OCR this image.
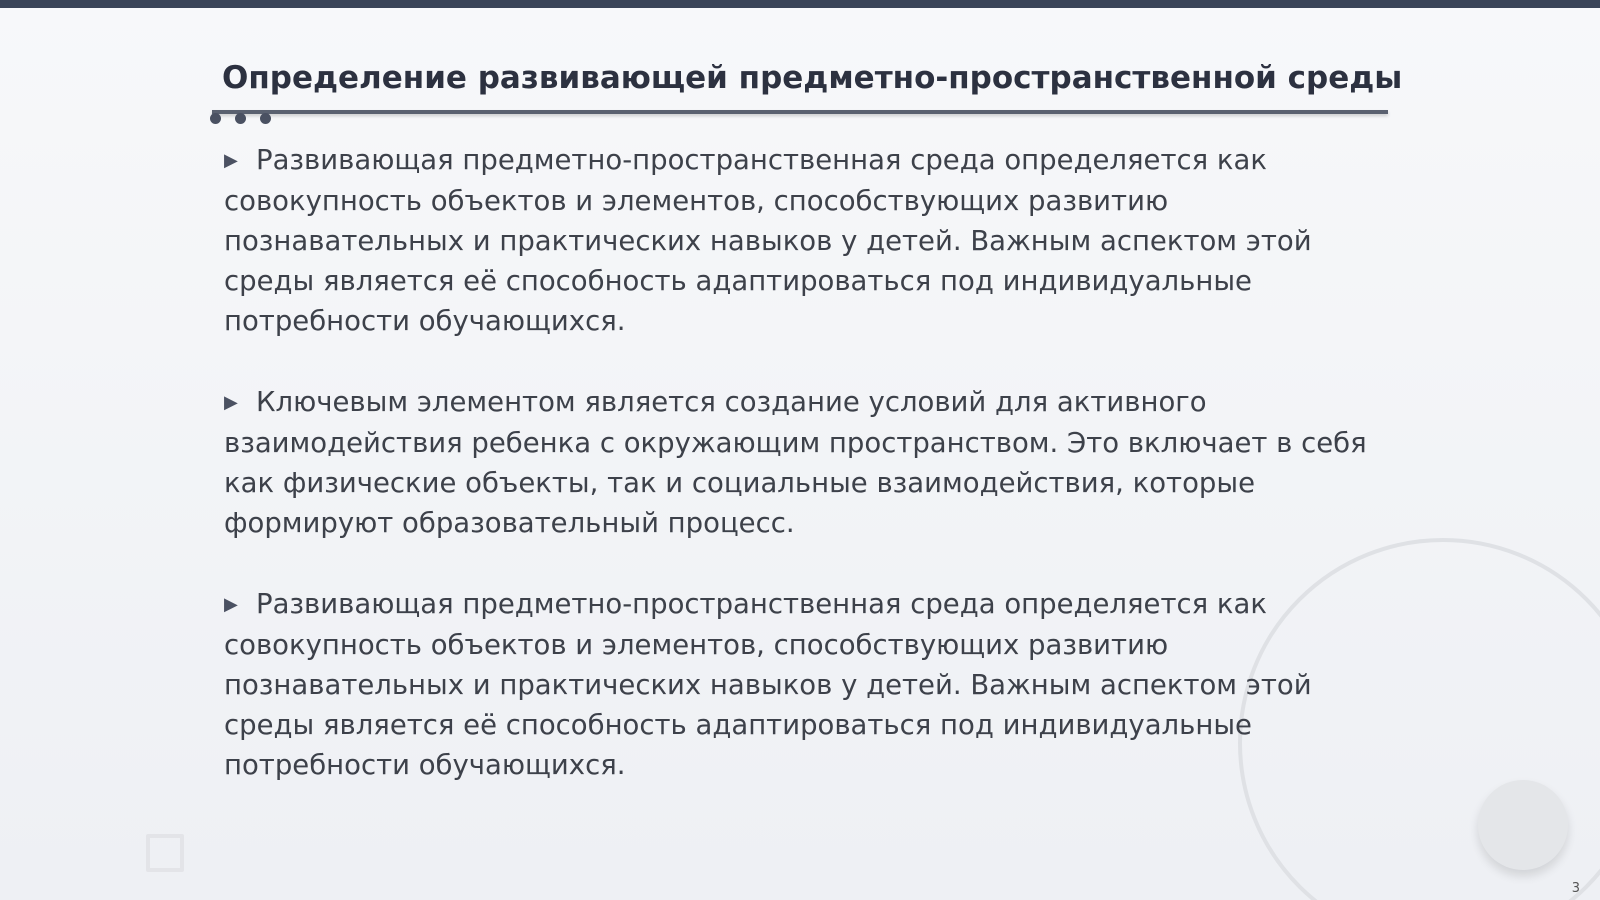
Определение развивающей предметно-пространственной среды

▶ Развивающая предметно-пространственная среда определяется как совокупность объектов и элементов, способствующих развитию познавательных и практических навыков у детей. Важным аспектом этой среды является её способность адаптироваться под индивидуальные потребности обучающихся.

▶ Ключевым элементом является создание условий для активного взаимодействия ребенка с окружающим пространством. Это включает в себя как физические объекты, так и социальные взаимодействия, которые формируют образовательный процесс.

▶ Развивающая предметно-пространственная среда определяется как совокупность объектов и элементов, способствующих развитию познавательных и практических навыков у детей. Важным аспектом этой среды является её способность адаптироваться под индивидуальные потребности обучающихся.

3
